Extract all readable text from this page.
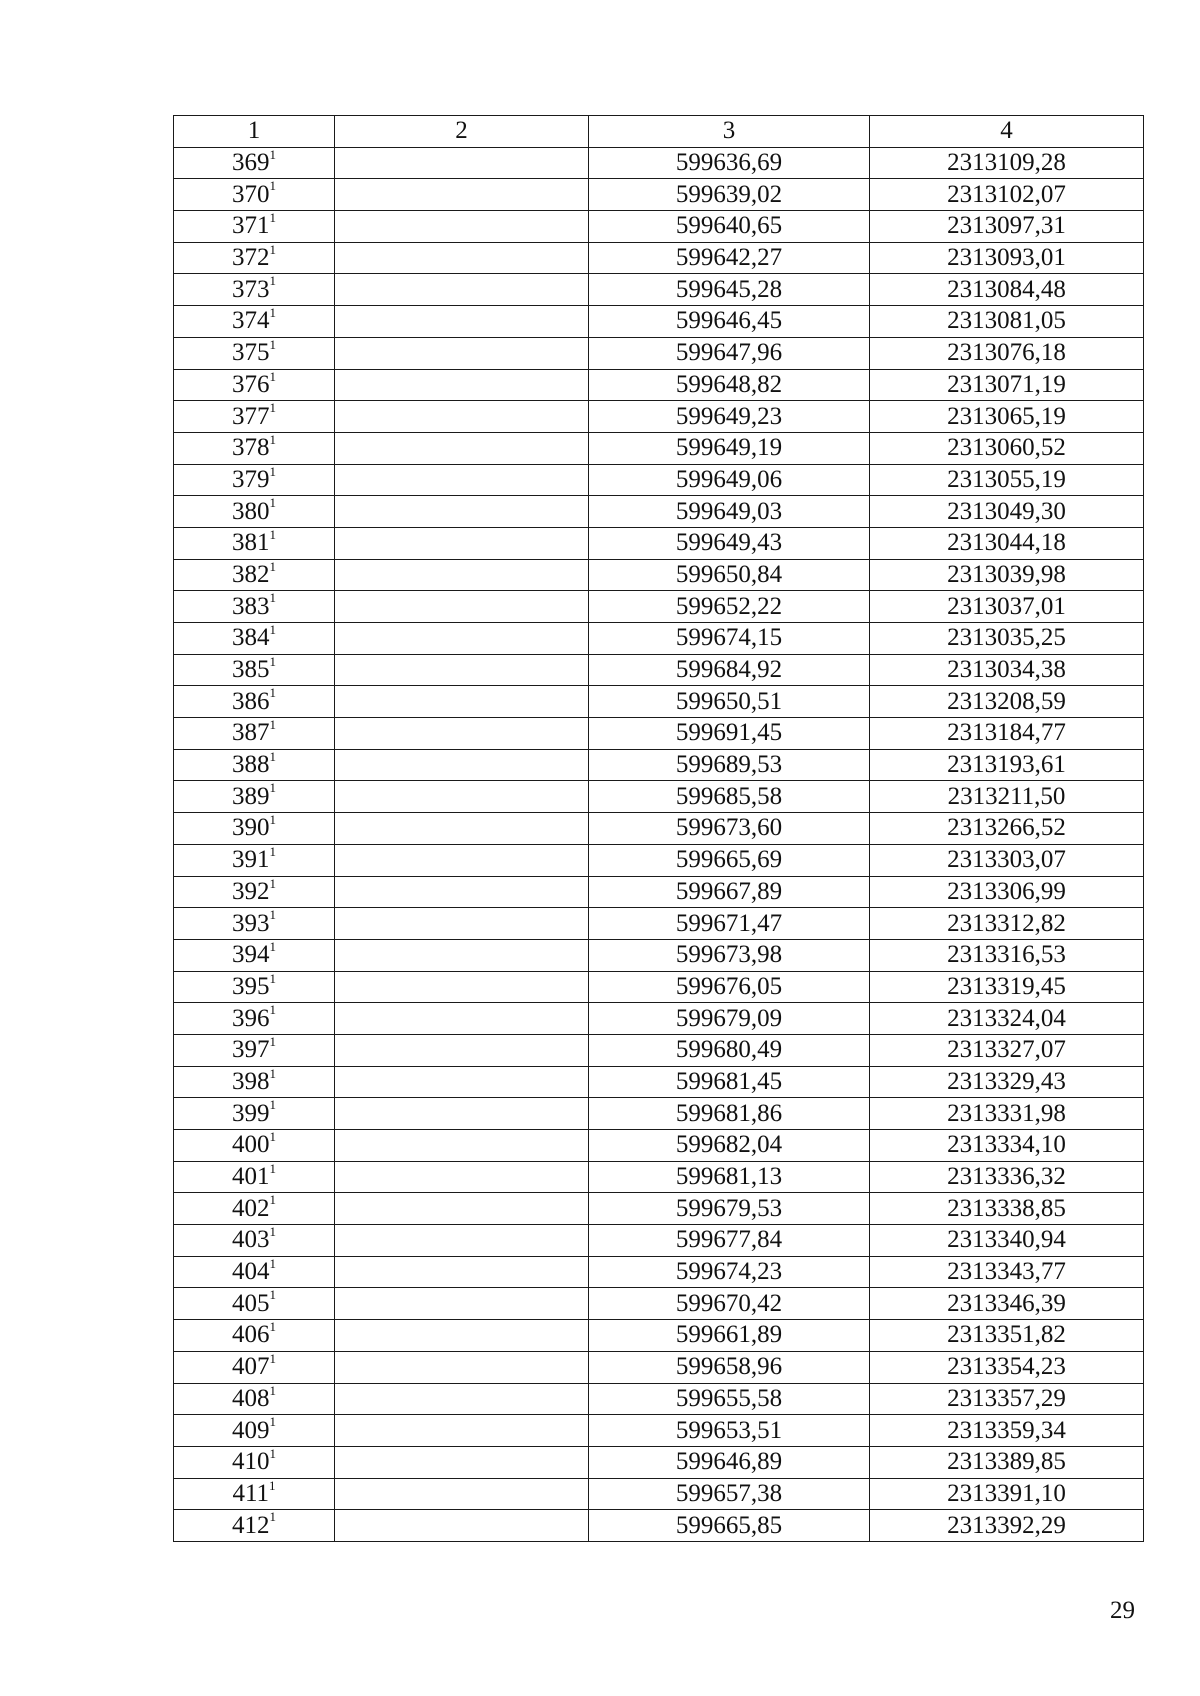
1	2	3	4
$369^1$		599636,69	2313109,28
$370^1$		599639,02	2313102,07
$371^1$		599640,65	2313097,31
$372^1$		599642,27	2313093,01
$373^1$		599645,28	2313084,48
$374^1$		599646,45	2313081,05
$375^1$		599647,96	2313076,18
$376^1$		599648,82	2313071,19
$377^1$		599649,23	2313065,19
$378^1$		599649,19	2313060,52
$379^1$		599649,06	2313055,19
$380^1$		599649,03	2313049,30
$381^1$		599649,43	2313044,18
$382^1$		599650,84	2313039,98
$383^1$		599652,22	2313037,01
$384^1$		599674,15	2313035,25
$385^1$		599684,92	2313034,38
$386^1$		599650,51	2313208,59
$387^1$		599691,45	2313184,77
$388^1$		599689,53	2313193,61
$389^1$		599685,58	2313211,50
$390^1$		599673,60	2313266,52
$391^1$		599665,69	2313303,07
$392^1$		599667,89	2313306,99
$393^1$		599671,47	2313312,82
$394^1$		599673,98	2313316,53
$395^1$		599676,05	2313319,45
$396^1$		599679,09	2313324,04
$397^1$		599680,49	2313327,07
$398^1$		599681,45	2313329,43
$399^1$		599681,86	2313331,98
$400^1$		599682,04	2313334,10
$401^1$		599681,13	2313336,32
$402^1$		599679,53	2313338,85
$403^1$		599677,84	2313340,94
$404^1$		599674,23	2313343,77
$405^1$		599670,42	2313346,39
$406^1$		599661,89	2313351,82
$407^1$		599658,96	2313354,23
$408^1$		599655,58	2313357,29
$409^1$		599653,51	2313359,34
$410^1$		599646,89	2313389,85
$411^1$		599657,38	2313391,10
$412^1$		599665,85	2313392,29
29
